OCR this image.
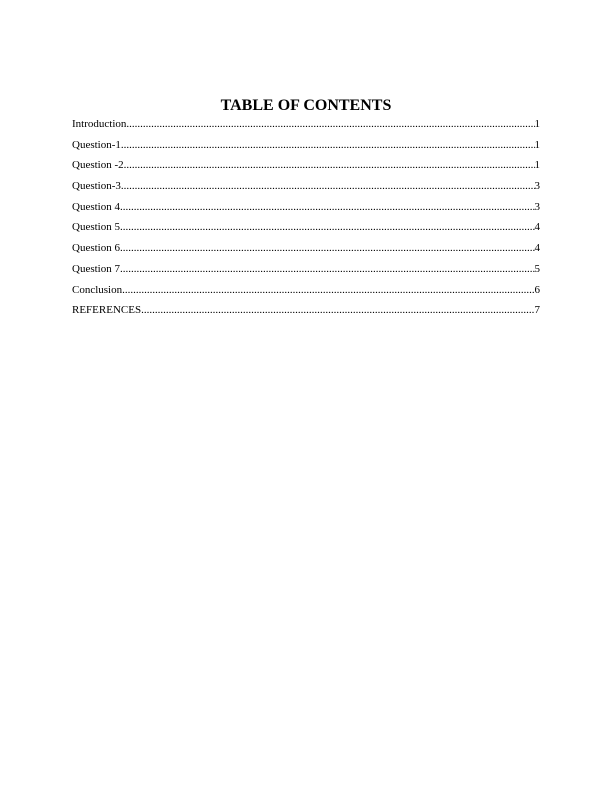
TABLE OF CONTENTS
Introduction .....	1
Question-1 .....	1
Question -2 .....	1
Question-3 .....	3
Question 4 .....	3
Question 5 .....	4
Question 6 .....	4
Question 7 .....	5
Conclusion .....	6
REFERENCES .....	7
